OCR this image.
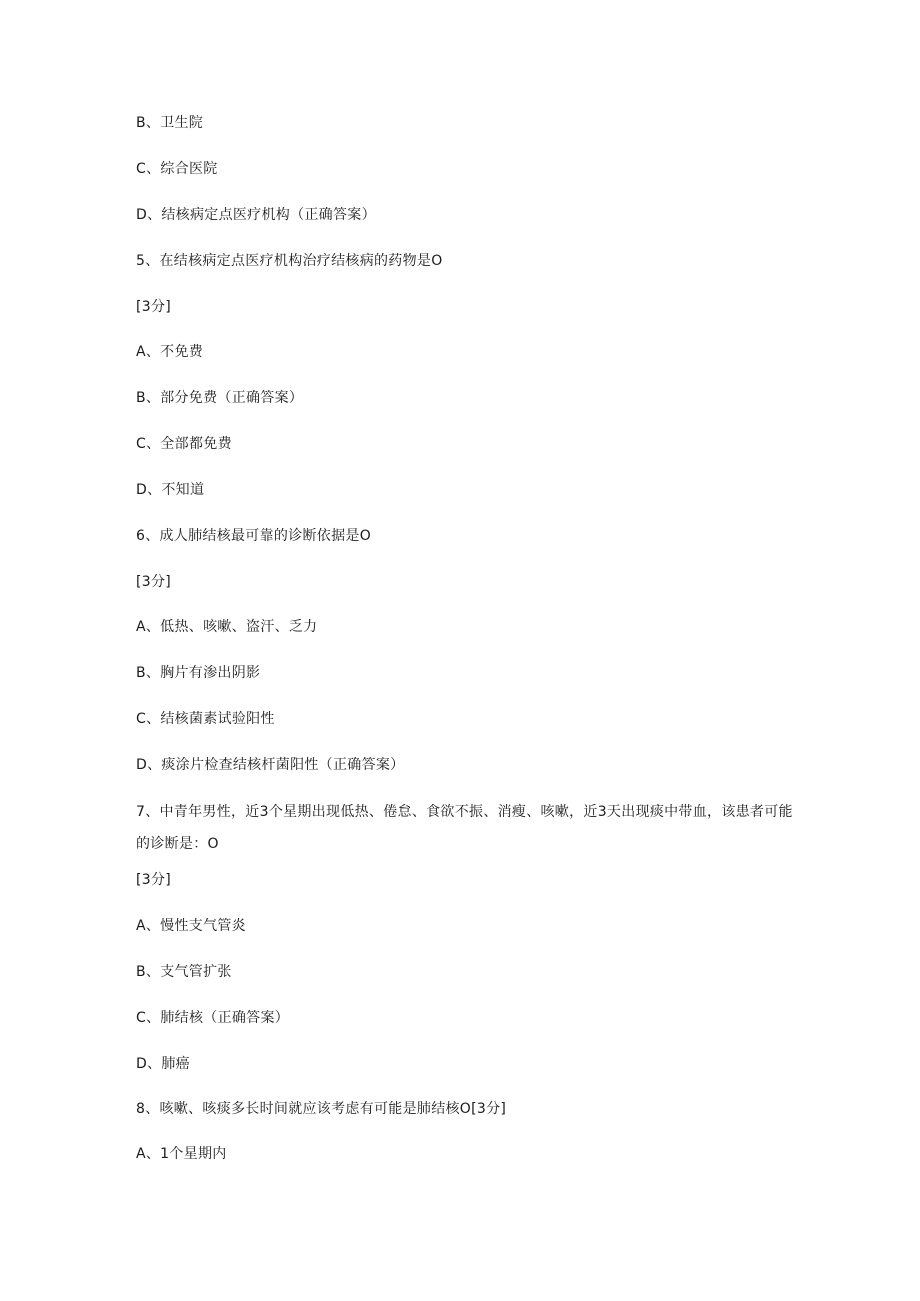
B、卫生院
C、综合医院
D、结核病定点医疗机构（正确答案）
5、在结核病定点医疗机构治疗结核病的药物是O
[3分]
A、不免费
B、部分免费（正确答案）
C、全部都免费
D、不知道
6、成人肺结核最可靠的诊断依据是O
[3分]
A、低热、咳嗽、盗汗、乏力
B、胸片有渗出阴影
C、结核菌素试验阳性
D、痰涂片检查结核杆菌阳性（正确答案）
7、中青年男性，近3个星期出现低热、倦怠、食欲不振、消瘦、咳嗽，近3天出现痰中带血，该患者可能的诊断是：O
[3分]
A、慢性支气管炎
B、支气管扩张
C、肺结核（正确答案）
D、肺癌
8、咳嗽、咳痰多长时间就应该考虑有可能是肺结核O[3分]
A、1个星期内
